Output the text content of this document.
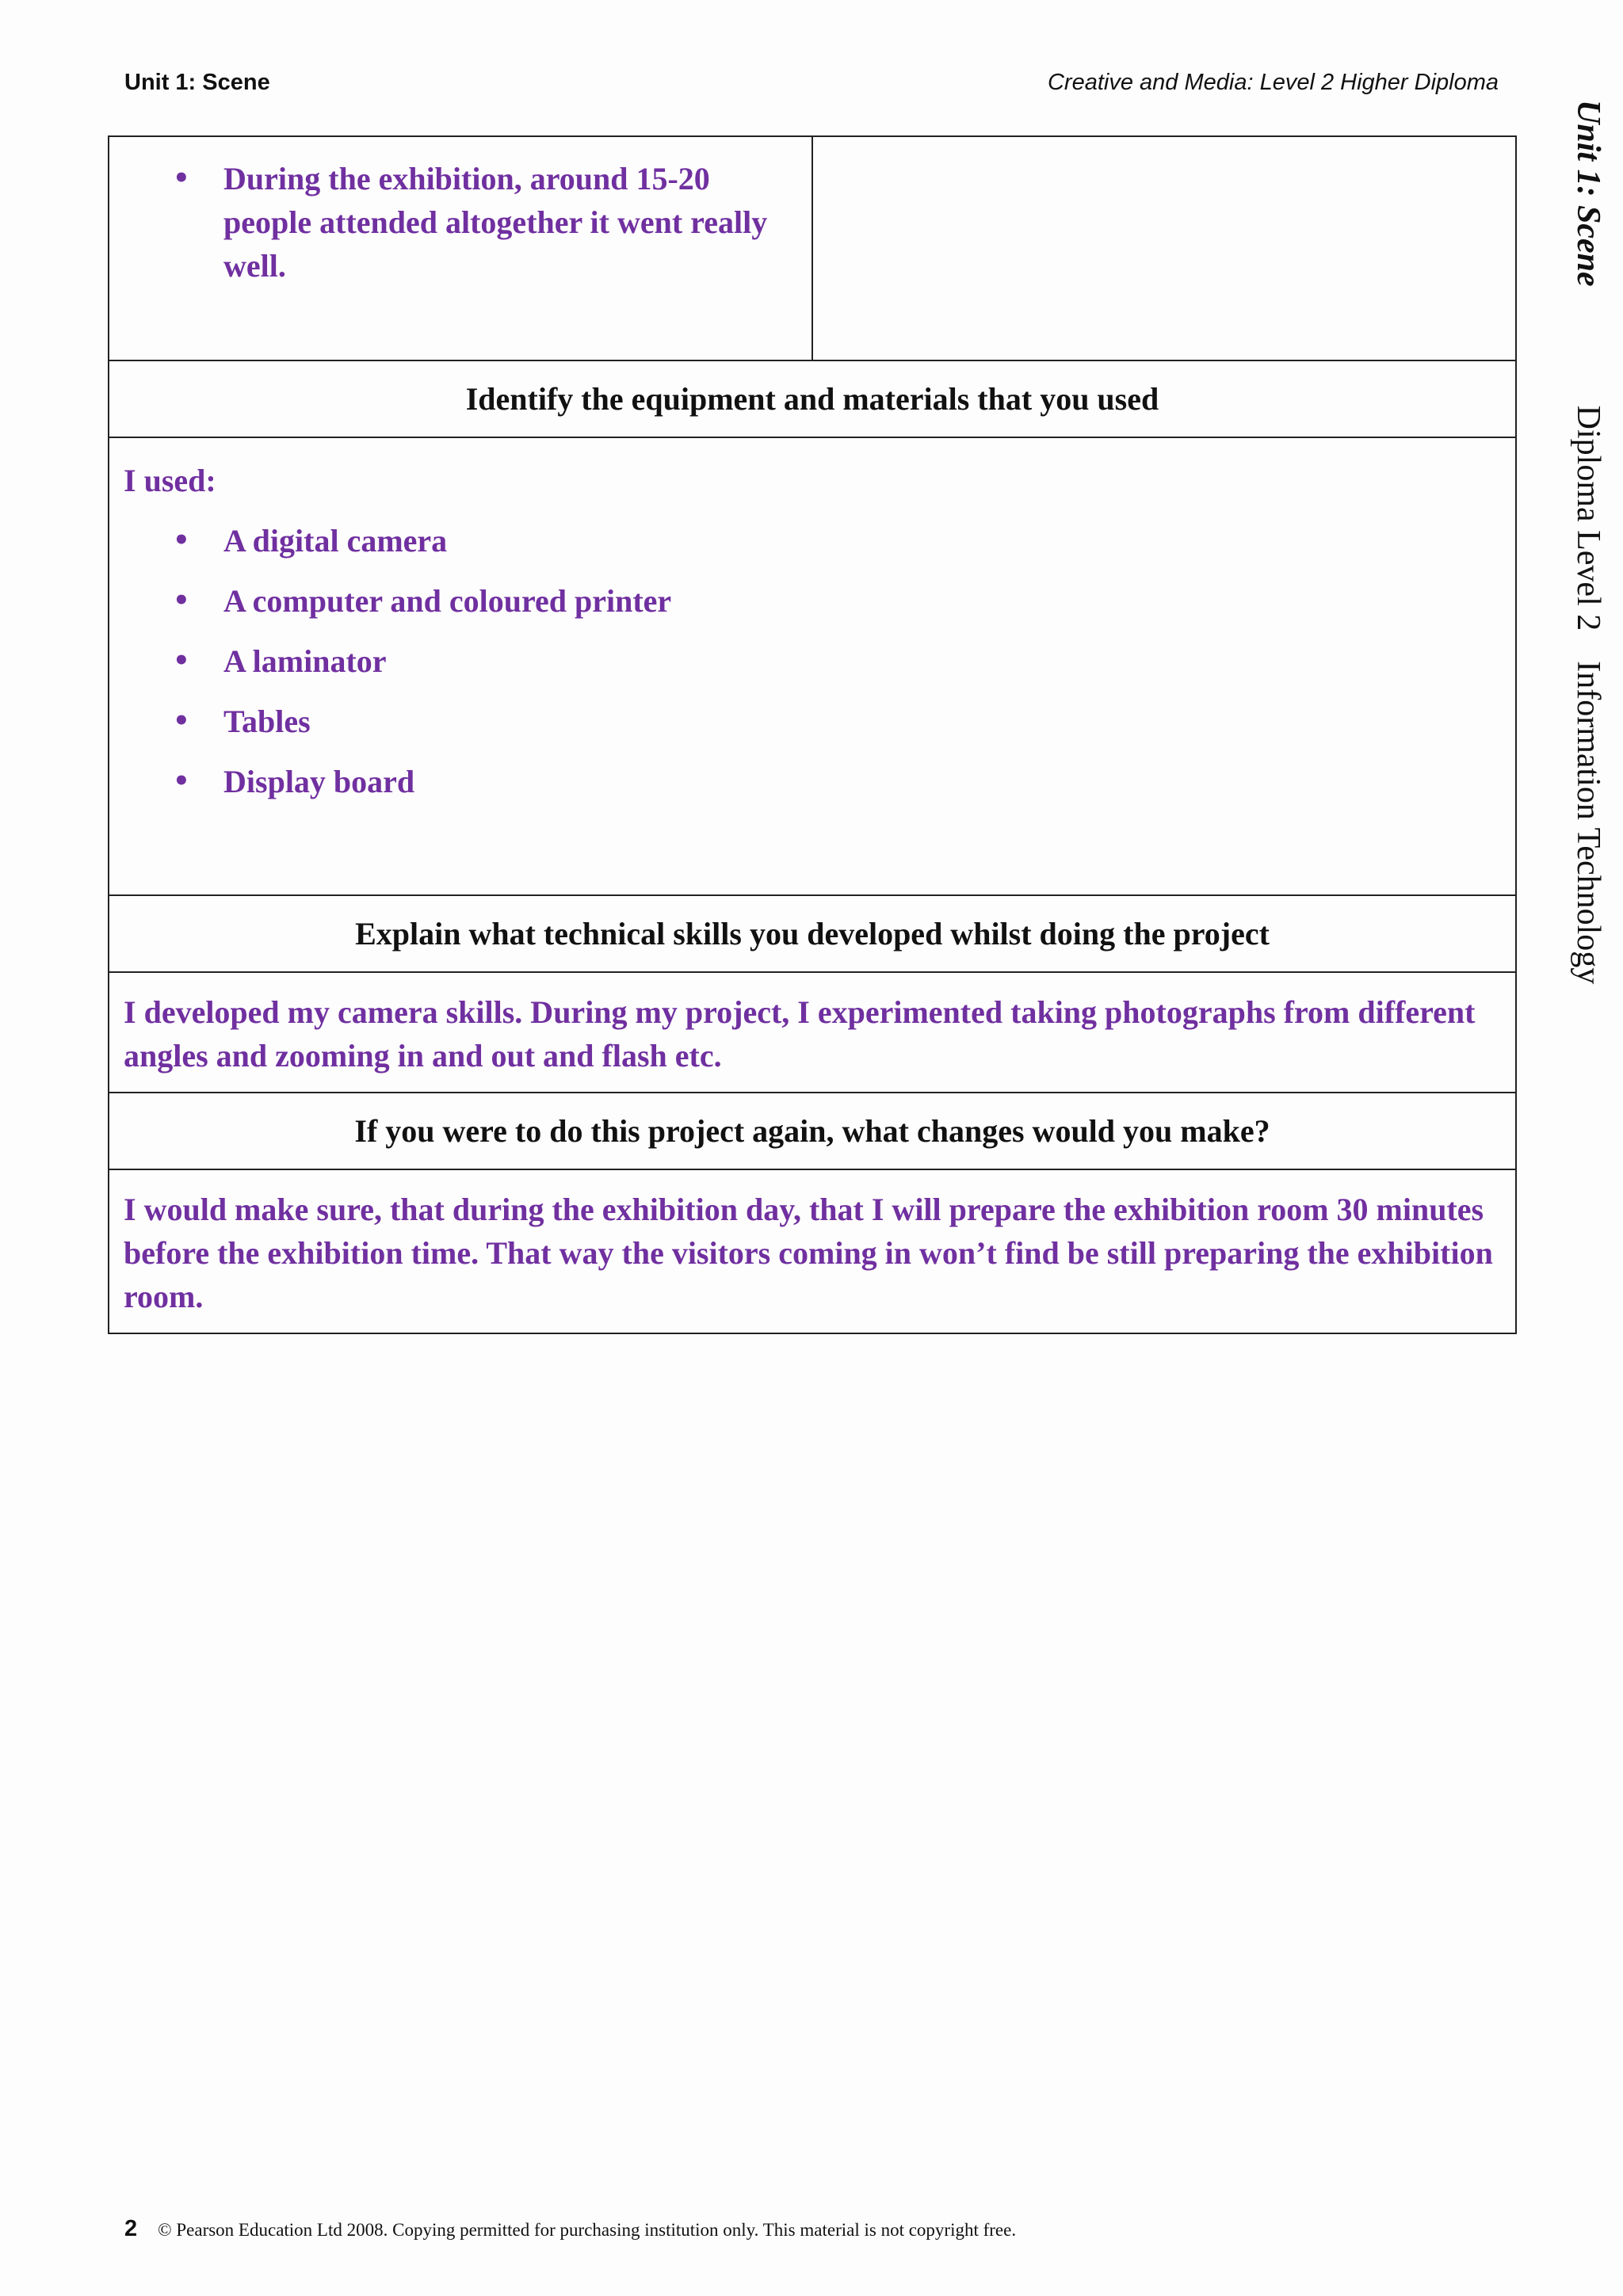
Unit 1: Scene	Creative and Media: Level 2 Higher Diploma
Unit 1: SceneDiploma Level 2Information Technology
• During the exhibition, around 15-20 people attended altogether it went really well.

Identify the equipment and materials that you used

I used:
• A digital camera
• A computer and coloured printer
• A laminator
• Tables
• Display board

Explain what technical skills you developed whilst doing the project
I developed my camera skills. During my project, I experimented taking photographs from different angles and zooming in and out and flash etc.
If you were to do this project again, what changes would you make?
I would make sure, that during the exhibition day, that I will prepare the exhibition room 30 minutes before the exhibition time. That way the visitors coming in won’t find be still preparing the exhibition room.
2 © Pearson Education Ltd 2008. Copying permitted for purchasing institution only. This material is not copyright free.
